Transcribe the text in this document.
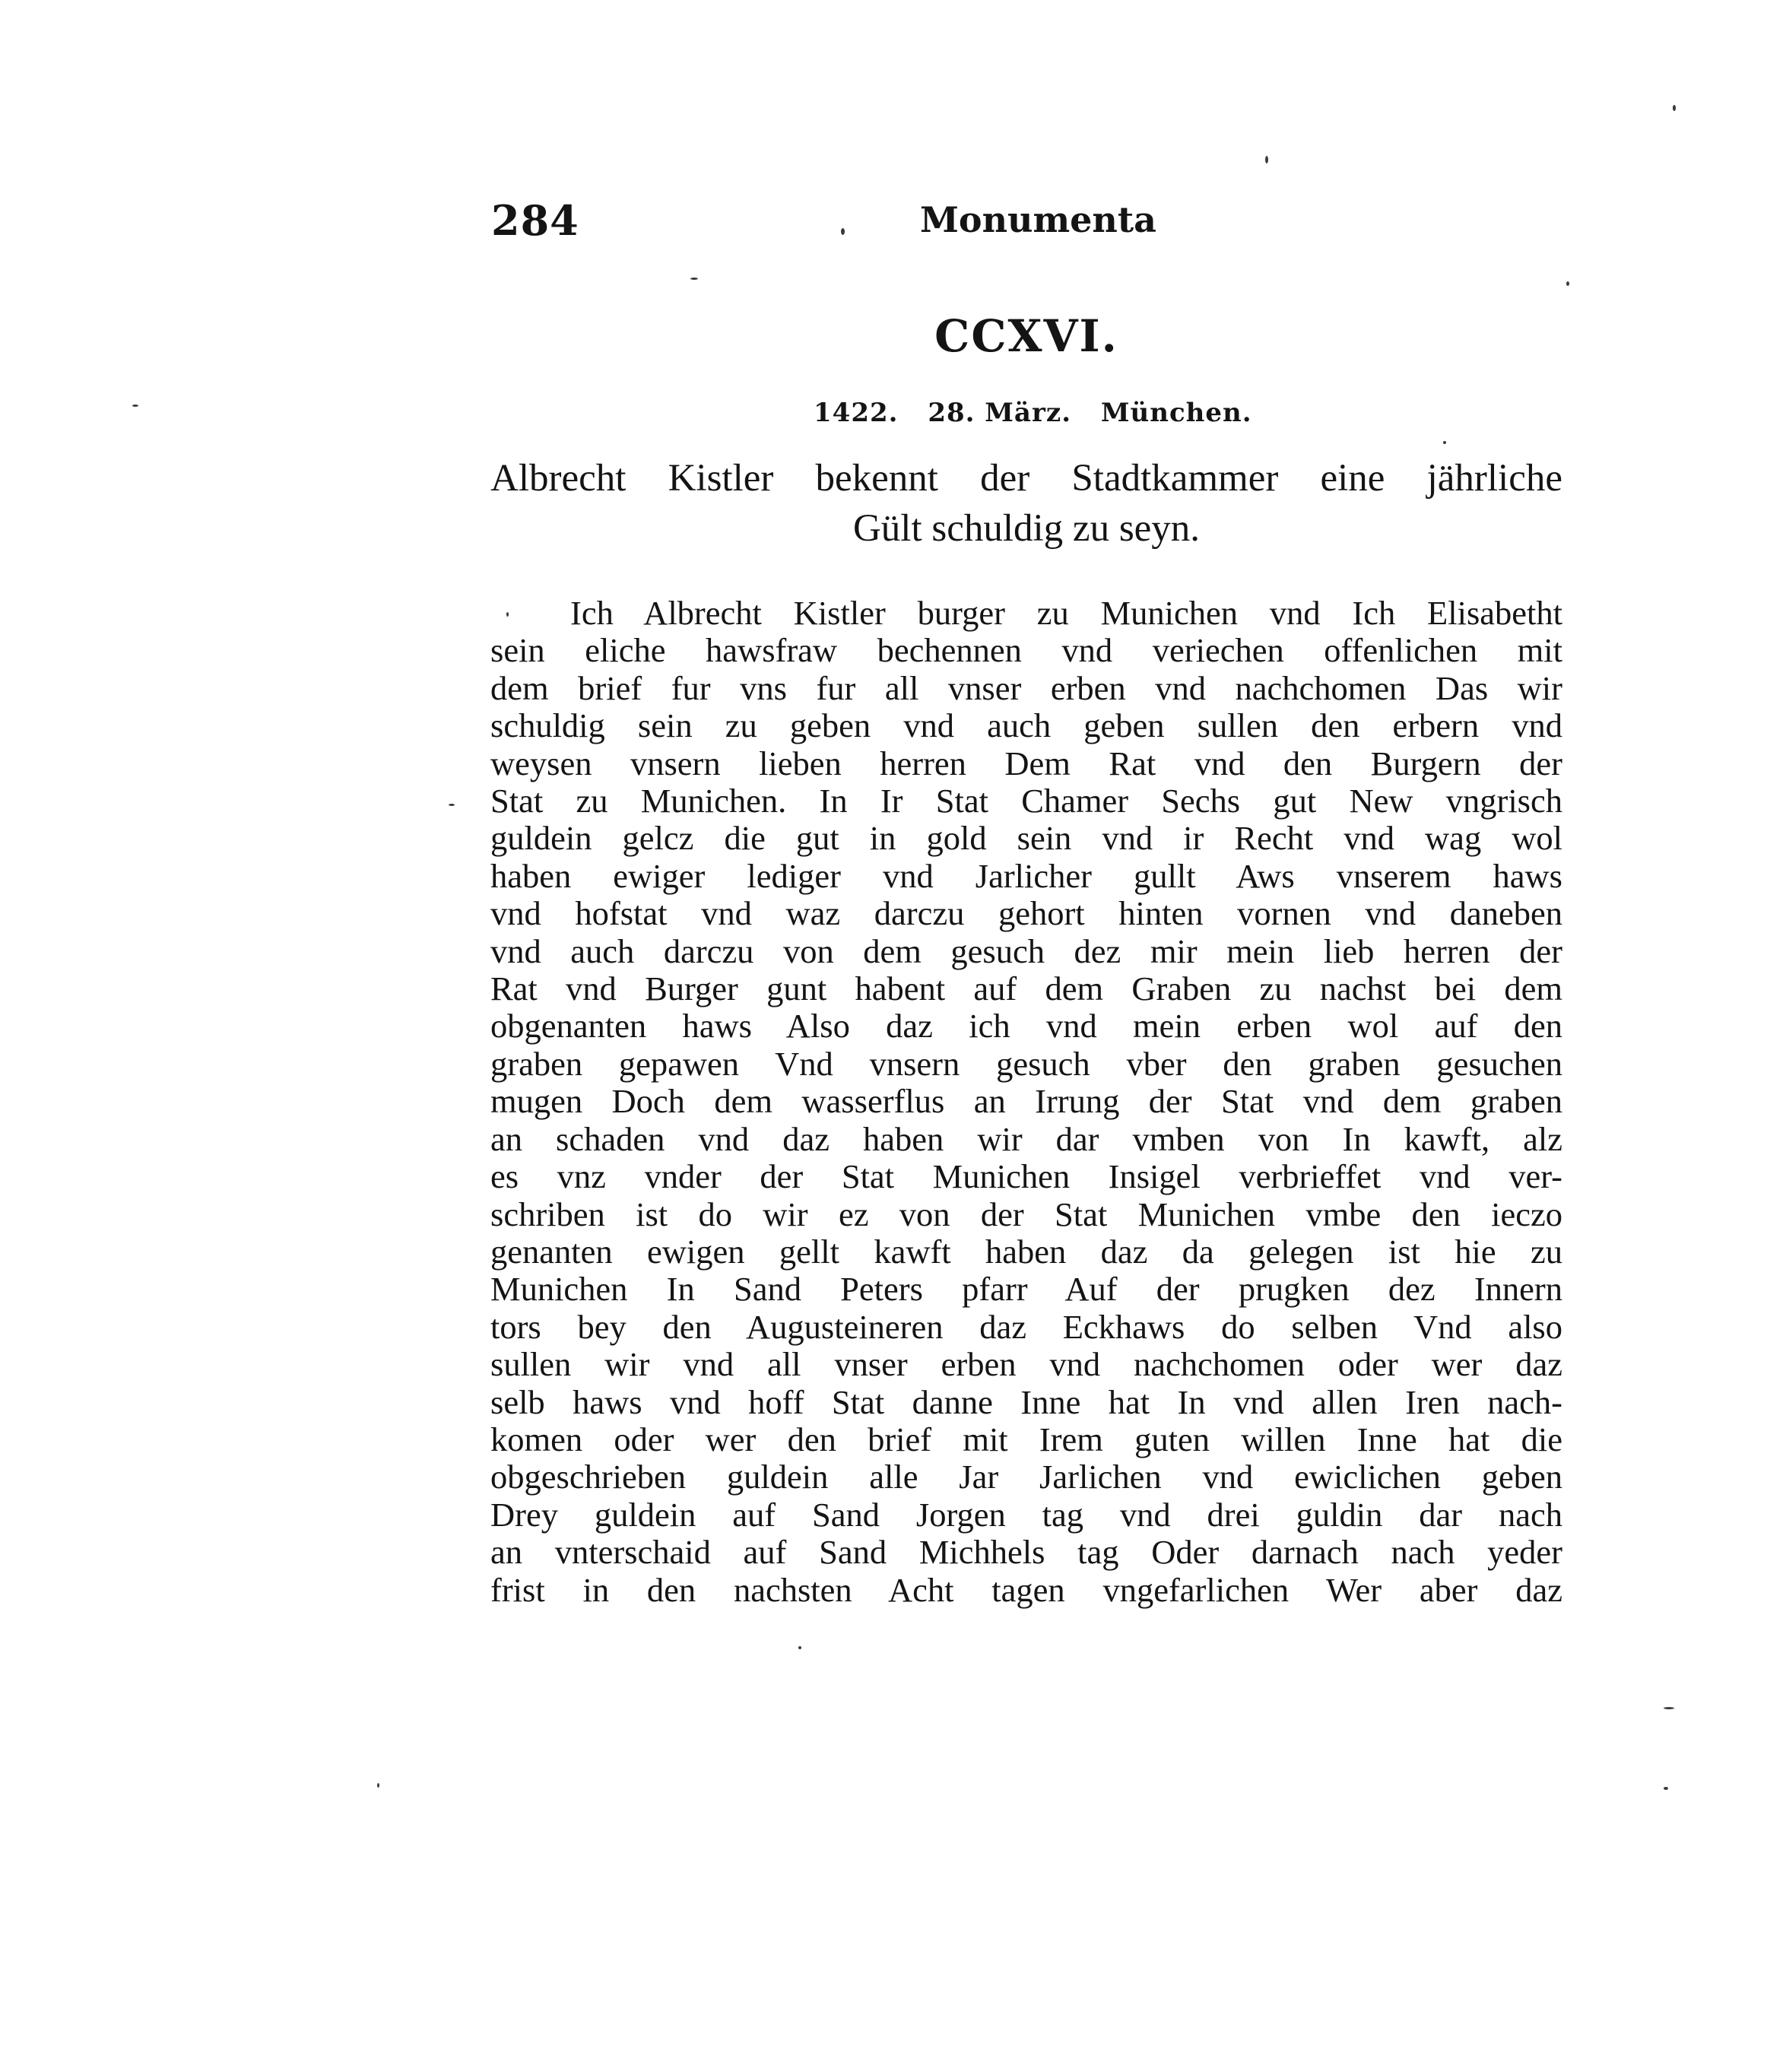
284	Monumenta
CCXVI.
1422. 28. März. München.
Albrecht Kistler bekennt der Stadtkammer eine jährliche
Gült schuldig zu seyn.
Ich Albrecht Kistler burger zu Munichen vnd Ich Elisabetht
sein eliche hawsfraw bechennen vnd veriechen offenlichen mit
dem brief fur vns fur all vnser erben vnd nachchomen Das wir
schuldig sein zu geben vnd auch geben sullen den erbern vnd
weysen vnsern lieben herren Dem Rat vnd den Burgern der
Stat zu Munichen. In Ir Stat Chamer Sechs gut New vngrisch
guldein gelcz die gut in gold sein vnd ir Recht vnd wag wol
haben ewiger lediger vnd Jarlicher gullt Aws vnserem haws
vnd hofstat vnd waz darczu gehort hinten vornen vnd daneben
vnd auch darczu von dem gesuch dez mir mein lieb herren der
Rat vnd Burger gunt habent auf dem Graben zu nachst bei dem
obgenanten haws Also daz ich vnd mein erben wol auf den
graben gepawen Vnd vnsern gesuch vber den graben gesuchen
mugen Doch dem wasserflus an Irrung der Stat vnd dem graben
an schaden vnd daz haben wir dar vmben von In kawft, alz
es vnz vnder der Stat Munichen Insigel verbrieffet vnd ver-
schriben ist do wir ez von der Stat Munichen vmbe den ieczo
genanten ewigen gellt kawft haben daz da gelegen ist hie zu
Munichen In Sand Peters pfarr Auf der prugken dez Innern
tors bey den Augusteineren daz Eckhaws do selben Vnd also
sullen wir vnd all vnser erben vnd nachchomen oder wer daz
selb haws vnd hoff Stat danne Inne hat In vnd allen Iren nach-
komen oder wer den brief mit Irem guten willen Inne hat die
obgeschrieben guldein alle Jar Jarlichen vnd ewiclichen geben
Drey guldein auf Sand Jorgen tag vnd drei guldin dar nach
an vnterschaid auf Sand Michhels tag Oder darnach nach yeder
frist in den nachsten Acht tagen vngefarlichen Wer aber daz
